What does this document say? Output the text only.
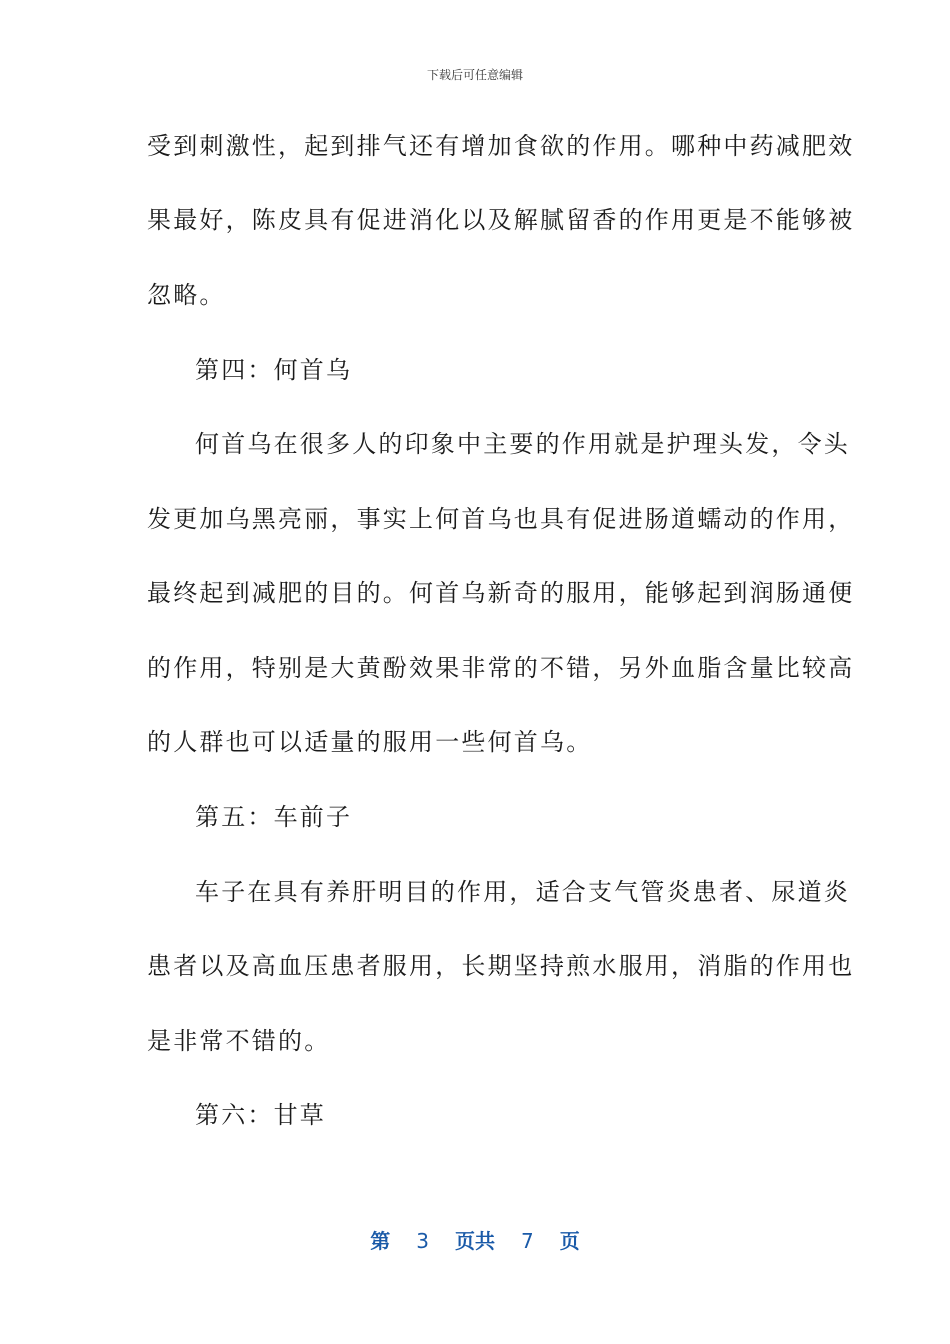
下载后可任意编辑
受到刺激性，起到排气还有增加食欲的作用。哪种中药减肥效
果最好，陈皮具有促进消化以及解腻留香的作用更是不能够被
忽略。
第四：何首乌
何首乌在很多人的印象中主要的作用就是护理头发，令头
发更加乌黑亮丽，事实上何首乌也具有促进肠道蠕动的作用，
最终起到减肥的目的。何首乌新奇的服用，能够起到润肠通便
的作用，特别是大黄酚效果非常的不错，另外血脂含量比较高
的人群也可以适量的服用一些何首乌。
第五：车前子
车子在具有养肝明目的作用，适合支气管炎患者、尿道炎
患者以及高血压患者服用，长期坚持煎水服用，消脂的作用也
是非常不错的。
第六：甘草
第 3 页共 7 页
